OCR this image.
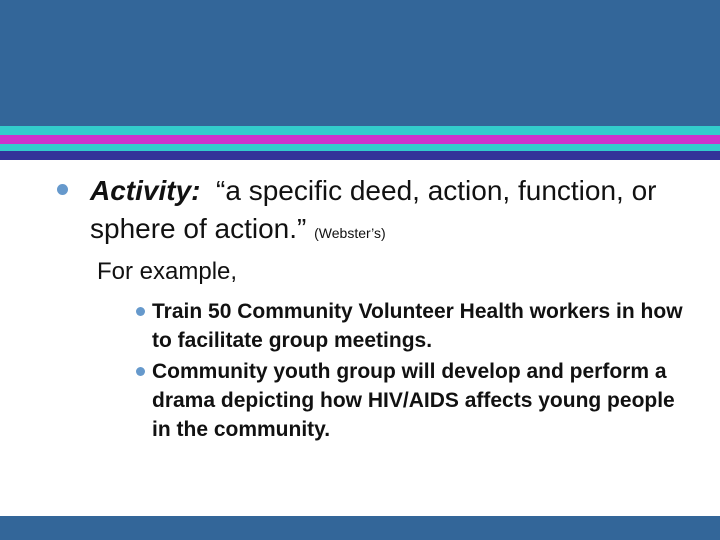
Activity: “a specific deed, action, function, or sphere of action.” (Webster’s)
For example,
Train 50 Community Volunteer Health workers in how to facilitate group meetings.
Community youth group will develop and perform a drama depicting how HIV/AIDS affects young people in the community.
